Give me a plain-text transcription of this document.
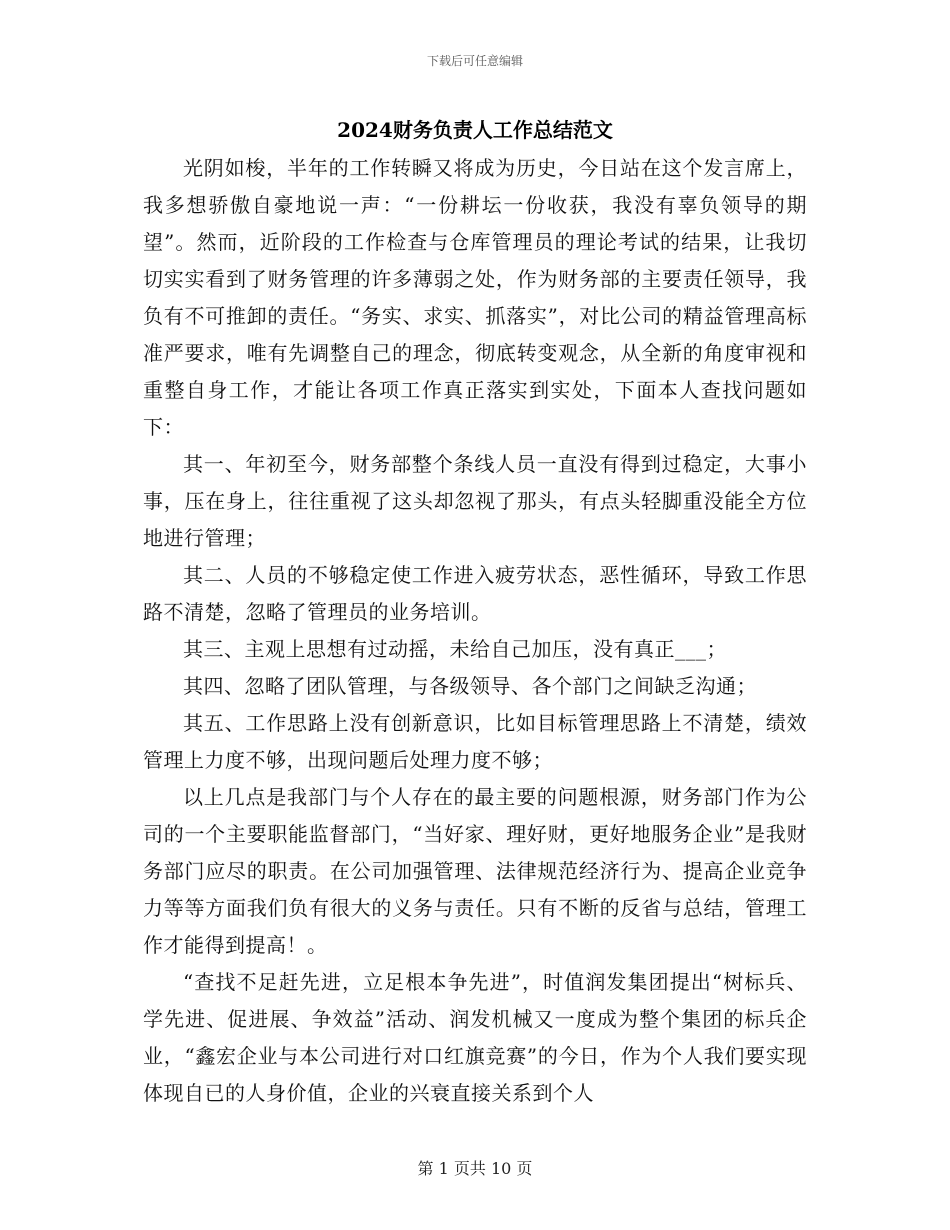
下载后可任意编辑
2024财务负责人工作总结范文

光阴如梭，半年的工作转瞬又将成为历史，今日站在这个发言席上，我多想骄傲自豪地说一声：“一份耕坛一份收获，我没有辜负领导的期望”。然而，近阶段的工作检查与仓库管理员的理论考试的结果，让我切切实实看到了财务管理的许多薄弱之处，作为财务部的主要责任领导，我负有不可推卸的责任。“务实、求实、抓落实”，对比公司的精益管理高标准严要求，唯有先调整自己的理念，彻底转变观念，从全新的角度审视和重整自身工作，才能让各项工作真正落实到实处，下面本人查找问题如下：

其一、年初至今，财务部整个条线人员一直没有得到过稳定，大事小事，压在身上，往往重视了这头却忽视了那头，有点头轻脚重没能全方位地进行管理；

其二、人员的不够稳定使工作进入疲劳状态，恶性循环，导致工作思路不清楚，忽略了管理员的业务培训。

其三、主观上思想有过动摇，未给自己加压，没有真正___；

其四、忽略了团队管理，与各级领导、各个部门之间缺乏沟通；

其五、工作思路上没有创新意识，比如目标管理思路上不清楚，绩效管理上力度不够，出现问题后处理力度不够；

以上几点是我部门与个人存在的最主要的问题根源，财务部门作为公司的一个主要职能监督部门，“当好家、理好财，更好地服务企业”是我财务部门应尽的职责。在公司加强管理、法律规范经济行为、提高企业竞争力等等方面我们负有很大的义务与责任。只有不断的反省与总结，管理工作才能得到提高！。

“查找不足赶先进，立足根本争先进”，时值润发集团提出“树标兵、学先进、促进展、争效益”活动、润发机械又一度成为整个集团的标兵企业，“鑫宏企业与本公司进行对口红旗竞赛”的今日，作为个人我们要实现体现自已的人身价值，企业的兴衰直接关系到个人

第 1 页共 10 页
